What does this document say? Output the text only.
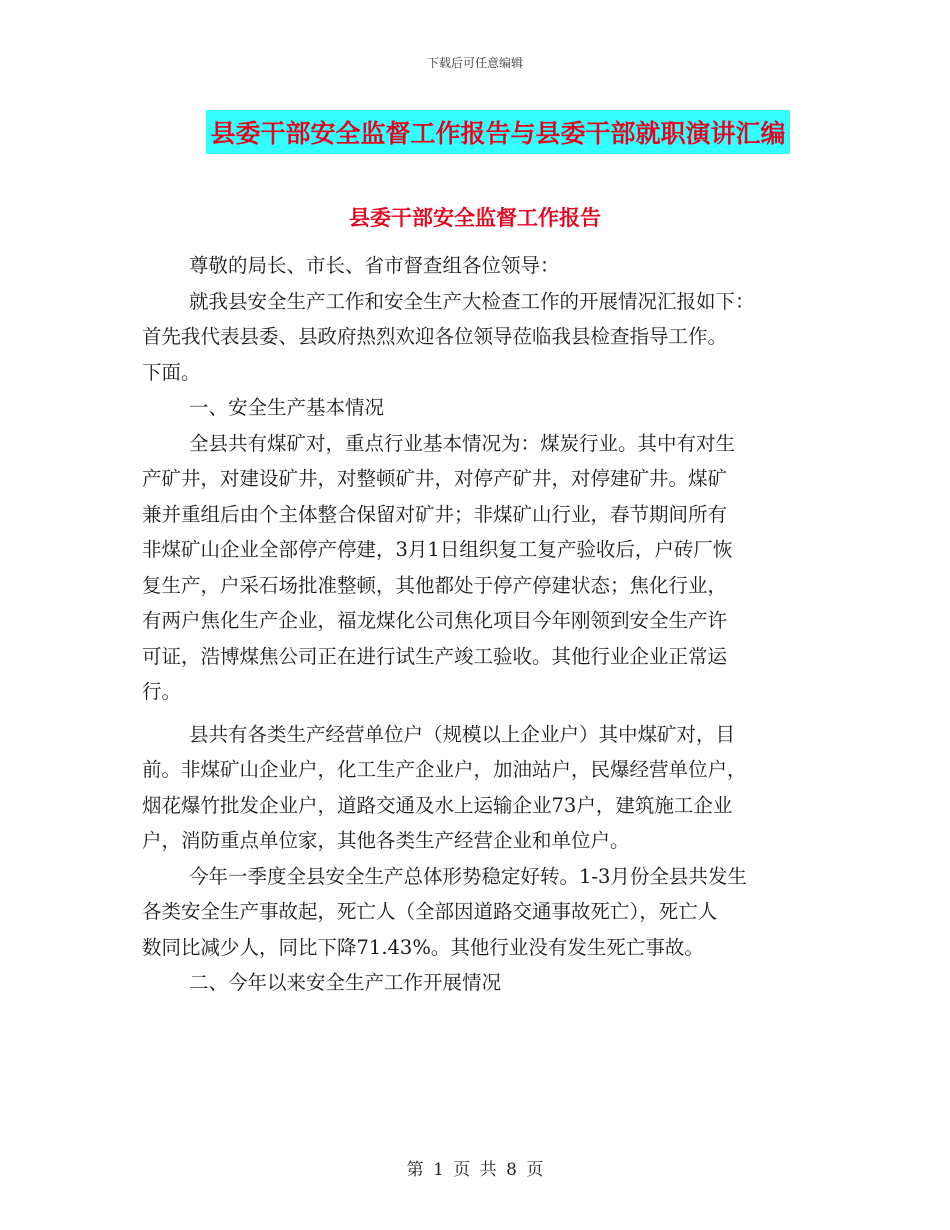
下载后可任意编辑
县委干部安全监督工作报告与县委干部就职演讲汇编
县委干部安全监督工作报告
尊敬的局长、市长、省市督查组各位领导：
就我县安全生产工作和安全生产大检查工作的开展情况汇报如下：
首先我代表县委、县政府热烈欢迎各位领导莅临我县检查指导工作。
下面。
一、安全生产基本情况
全县共有煤矿对，重点行业基本情况为：煤炭行业。其中有对生
产矿井，对建设矿井，对整顿矿井，对停产矿井，对停建矿井。煤矿
兼并重组后由个主体整合保留对矿井；非煤矿山行业，春节期间所有
非煤矿山企业全部停产停建，3月1日组织复工复产验收后，户砖厂恢
复生产，户采石场批准整顿，其他都处于停产停建状态；焦化行业，
有两户焦化生产企业，福龙煤化公司焦化项目今年刚领到安全生产许
可证，浩博煤焦公司正在进行试生产竣工验收。其他行业企业正常运
行。
县共有各类生产经营单位户（规模以上企业户）其中煤矿对，目
前。非煤矿山企业户，化工生产企业户，加油站户，民爆经营单位户，
烟花爆竹批发企业户，道路交通及水上运输企业73户，建筑施工企业
户，消防重点单位家，其他各类生产经营企业和单位户。
今年一季度全县安全生产总体形势稳定好转。1-3月份全县共发生
各类安全生产事故起，死亡人（全部因道路交通事故死亡），死亡人
数同比减少人，同比下降71.43%。其他行业没有发生死亡事故。
二、今年以来安全生产工作开展情况
第 1 页 共 8 页
